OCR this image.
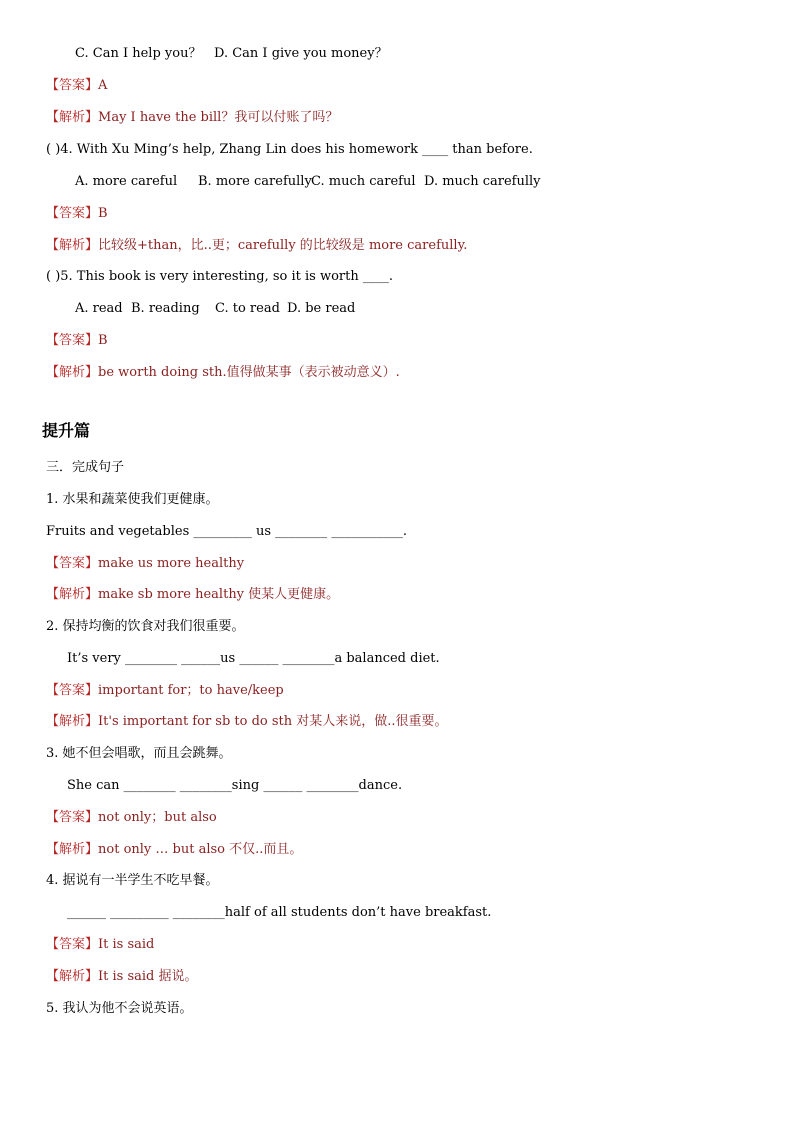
C. Can I help you？ D. Can I give you money？
【答案】A
【解析】May I have the bill？我可以付账了吗？
( )4. With Xu Ming’s help, Zhang Lin does his homework ____ than before.
A. more careful B. more carefully C. much careful D. much carefully
【答案】B
【解析】比较级+than，比..更；carefully 的比较级是 more carefully.
( )5. This book is very interesting, so it is worth ____.
A. read B. reading C. to read D. be read
【答案】B
【解析】be worth doing sth.值得做某事（表示被动意义）.
提升篇
三．完成句子
1. 水果和蔬菜使我们更健康。
Fruits and vegetables _________ us ________ ___________.
【答案】make us more healthy
【解析】make sb more healthy 使某人更健康。
2. 保持均衡的饮食对我们很重要。
It’s very ________ ______us ______ ________a balanced diet.
【答案】important for；to have/keep
【解析】It's important for sb to do sth 对某人来说，做..很重要。
3. 她不但会唱歌，而且会跳舞。
She can ________ ________sing ______ ________dance.
【答案】not only；but also
【解析】not only … but also 不仅..而且。
4. 据说有一半学生不吃早餐。
______ _________ ________half of all students don’t have breakfast.
【答案】It is said
【解析】It is said 据说。
5. 我认为他不会说英语。
